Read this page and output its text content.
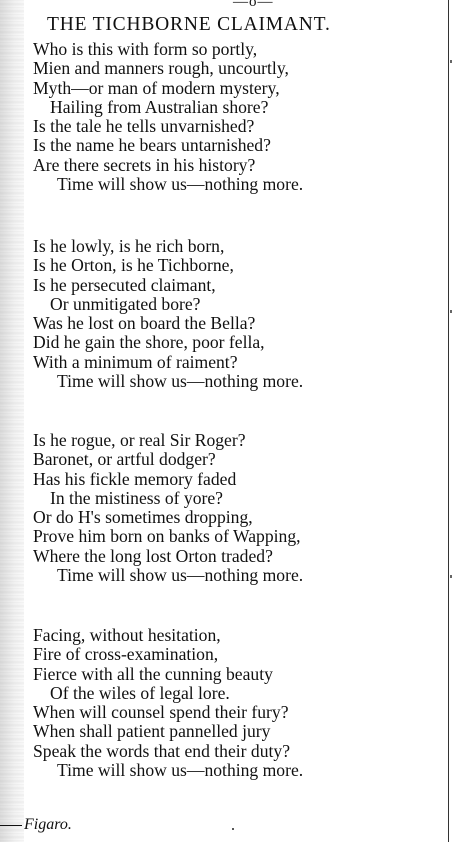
—o—
THE TICHBORNE CLAIMANT.
Who is this with form so portly,
Mien and manners rough, uncourtly,
Myth—or man of modern mystery,
Hailing from Australian shore?
Is the tale he tells unvarnished?
Is the name he bears untarnished?
Are there secrets in his history?
Time will show us—nothing more.
Is he lowly, is he rich born,
Is he Orton, is he Tichborne,
Is he persecuted claimant,
Or unmitigated bore?
Was he lost on board the Bella?
Did he gain the shore, poor fella,
With a minimum of raiment?
Time will show us—nothing more.
Is he rogue, or real Sir Roger?
Baronet, or artful dodger?
Has his fickle memory faded
In the mistiness of yore?
Or do H's sometimes dropping,
Prove him born on banks of Wapping,
Where the long lost Orton traded?
Time will show us—nothing more.
Facing, without hesitation,
Fire of cross-examination,
Fierce with all the cunning beauty
Of the wiles of legal lore.
When will counsel spend their fury?
When shall patient pannelled jury
Speak the words that end their duty?
Time will show us—nothing more.
Figaro.
